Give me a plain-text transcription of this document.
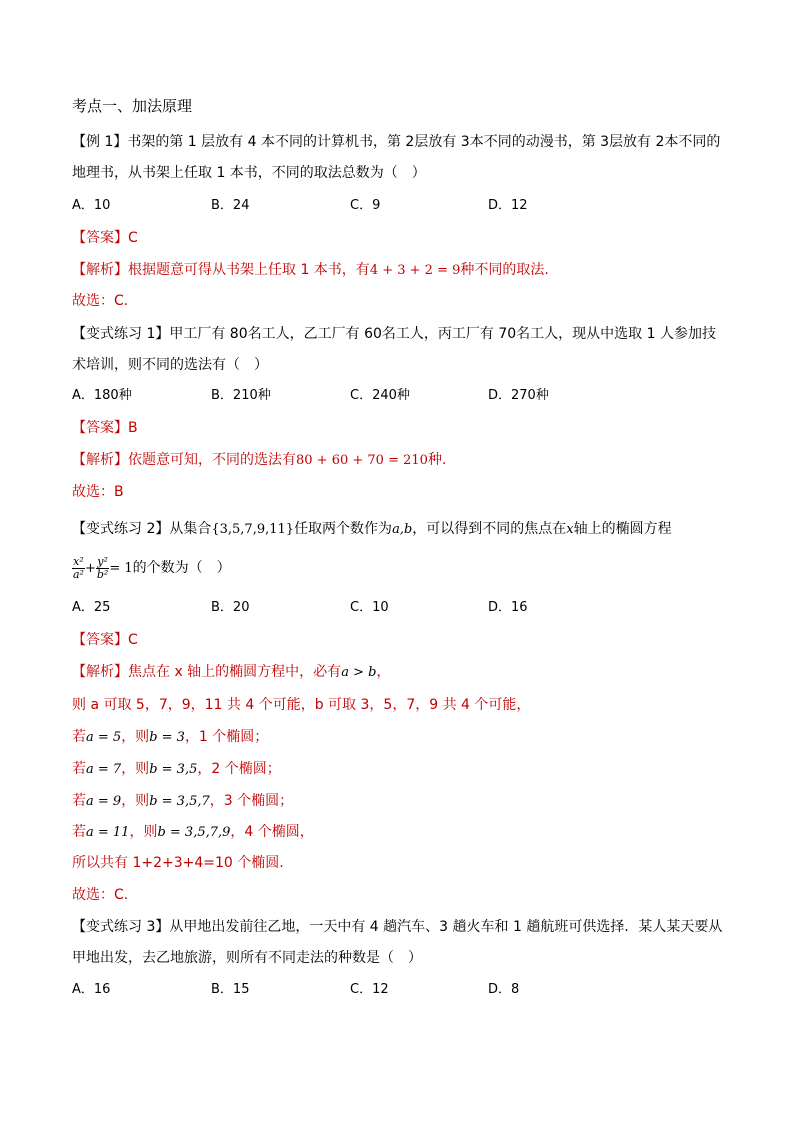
考点一、加法原理
【例 1】书架的第 1 层放有 4 本不同的计算机书，第 2层放有 3本不同的动漫书，第 3层放有 2本不同的
地理书，从书架上任取 1 本书，不同的取法总数为（　）
A．10	B．24	C．9	D．12
【答案】C
【解析】根据题意可得从书架上任取 1 本书，有4 + 3 + 2 = 9种不同的取法.
故选：C.
【变式练习 1】甲工厂有 80名工人，乙工厂有 60名工人，丙工厂有 70名工人，现从中选取 1 人参加技
术培训，则不同的选法有（　）
A．180种	B．210种	C．240种	D．270种
【答案】B
【解析】依题意可知，不同的选法有80 + 60 + 70 = 210种.
故选：B
【变式练习 2】从集合{3,5,7,9,11}任取两个数作为a,b，可以得到不同的焦点在x轴上的椭圆方程
$\frac{\text{x²}}{\text{a²}} + \frac{\text{y²}}{\text{b²}} = 1$的个数为（　）
A．25	B．20	C．10	D．16
【答案】C
【解析】焦点在 x 轴上的椭圆方程中，必有a > b，
则 a 可取 5，7，9，11 共 4 个可能，b 可取 3，5，7，9 共 4 个可能，
若a = 5，则b = 3，1 个椭圆；
若a = 7，则b = 3,5，2 个椭圆；
若a = 9，则b = 3,5,7，3 个椭圆；
若a = 11，则b = 3,5,7,9，4 个椭圆，
所以共有 1+2+3+4=10 个椭圆.
故选：C.
【变式练习 3】从甲地出发前往乙地，一天中有 4 趟汽车、3 趟火车和 1 趟航班可供选择．某人某天要从
甲地出发，去乙地旅游，则所有不同走法的种数是（　）
A．16	B．15	C．12	D．8
